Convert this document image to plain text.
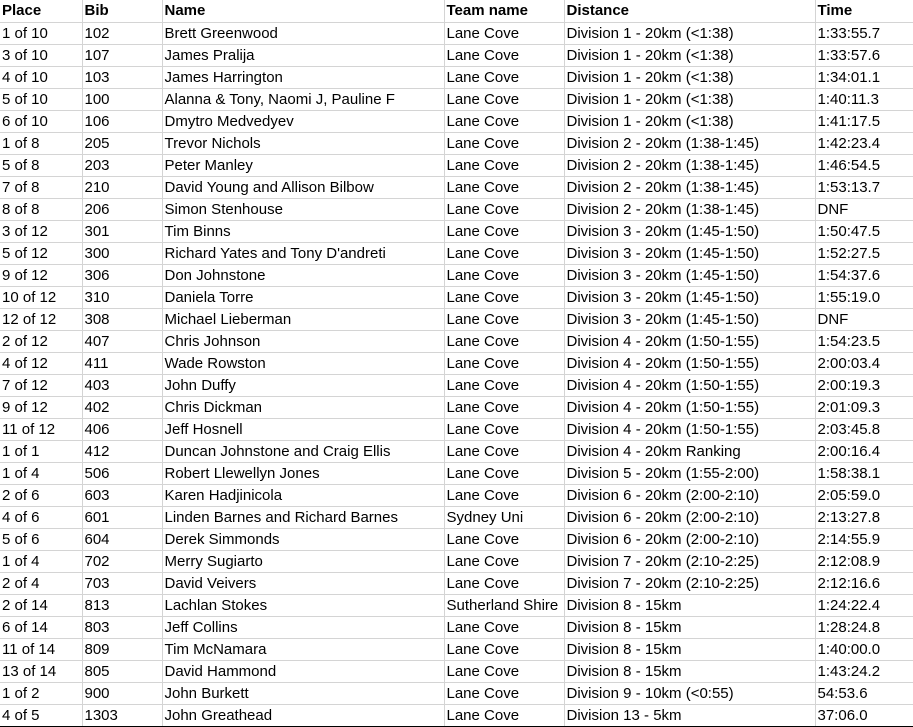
Place	Bib	Name	Team name	Distance	Time
1 of 10	102	Brett Greenwood	Lane Cove	Division 1 - 20km (<1:38)	1:33:55.7
3 of 10	107	James Pralija	Lane Cove	Division 1 - 20km (<1:38)	1:33:57.6
4 of 10	103	James Harrington	Lane Cove	Division 1 - 20km (<1:38)	1:34:01.1
5 of 10	100	Alanna & Tony, Naomi J, Pauline F	Lane Cove	Division 1 - 20km (<1:38)	1:40:11.3
6 of 10	106	Dmytro Medvedyev	Lane Cove	Division 1 - 20km (<1:38)	1:41:17.5
1 of 8	205	Trevor Nichols	Lane Cove	Division 2 - 20km (1:38-1:45)	1:42:23.4
5 of 8	203	Peter Manley	Lane Cove	Division 2 - 20km (1:38-1:45)	1:46:54.5
7 of 8	210	David Young and Allison Bilbow	Lane Cove	Division 2 - 20km (1:38-1:45)	1:53:13.7
8 of 8	206	Simon Stenhouse	Lane Cove	Division 2 - 20km (1:38-1:45)	DNF
3 of 12	301	Tim Binns	Lane Cove	Division 3 - 20km (1:45-1:50)	1:50:47.5
5 of 12	300	Richard Yates and Tony D'andreti	Lane Cove	Division 3 - 20km (1:45-1:50)	1:52:27.5
9 of 12	306	Don Johnstone	Lane Cove	Division 3 - 20km (1:45-1:50)	1:54:37.6
10 of 12	310	Daniela Torre	Lane Cove	Division 3 - 20km (1:45-1:50)	1:55:19.0
12 of 12	308	Michael Lieberman	Lane Cove	Division 3 - 20km (1:45-1:50)	DNF
2 of 12	407	Chris Johnson	Lane Cove	Division 4 - 20km (1:50-1:55)	1:54:23.5
4 of 12	411	Wade Rowston	Lane Cove	Division 4 - 20km (1:50-1:55)	2:00:03.4
7 of 12	403	John Duffy	Lane Cove	Division 4 - 20km (1:50-1:55)	2:00:19.3
9 of 12	402	Chris Dickman	Lane Cove	Division 4 - 20km (1:50-1:55)	2:01:09.3
11 of 12	406	Jeff Hosnell	Lane Cove	Division 4 - 20km (1:50-1:55)	2:03:45.8
1 of 1	412	Duncan Johnstone and Craig Ellis	Lane Cove	Division 4 - 20km Ranking	2:00:16.4
1 of 4	506	Robert Llewellyn Jones	Lane Cove	Division 5 - 20km (1:55-2:00)	1:58:38.1
2 of 6	603	Karen Hadjinicola	Lane Cove	Division 6 - 20km (2:00-2:10)	2:05:59.0
4 of 6	601	Linden Barnes and Richard Barnes	Sydney Uni	Division 6 - 20km (2:00-2:10)	2:13:27.8
5 of 6	604	Derek Simmonds	Lane Cove	Division 6 - 20km (2:00-2:10)	2:14:55.9
1 of 4	702	Merry Sugiarto	Lane Cove	Division 7 - 20km (2:10-2:25)	2:12:08.9
2 of 4	703	David Veivers	Lane Cove	Division 7 - 20km (2:10-2:25)	2:12:16.6
2 of 14	813	Lachlan Stokes	Sutherland Shire	Division 8 - 15km	1:24:22.4
6 of 14	803	Jeff Collins	Lane Cove	Division 8 - 15km	1:28:24.8
11 of 14	809	Tim McNamara	Lane Cove	Division 8 - 15km	1:40:00.0
13 of 14	805	David Hammond	Lane Cove	Division 8 - 15km	1:43:24.2
1 of 2	900	John Burkett	Lane Cove	Division 9 - 10km (<0:55)	54:53.6
4 of 5	1303	John Greathead	Lane Cove	Division 13 - 5km	37:06.0
